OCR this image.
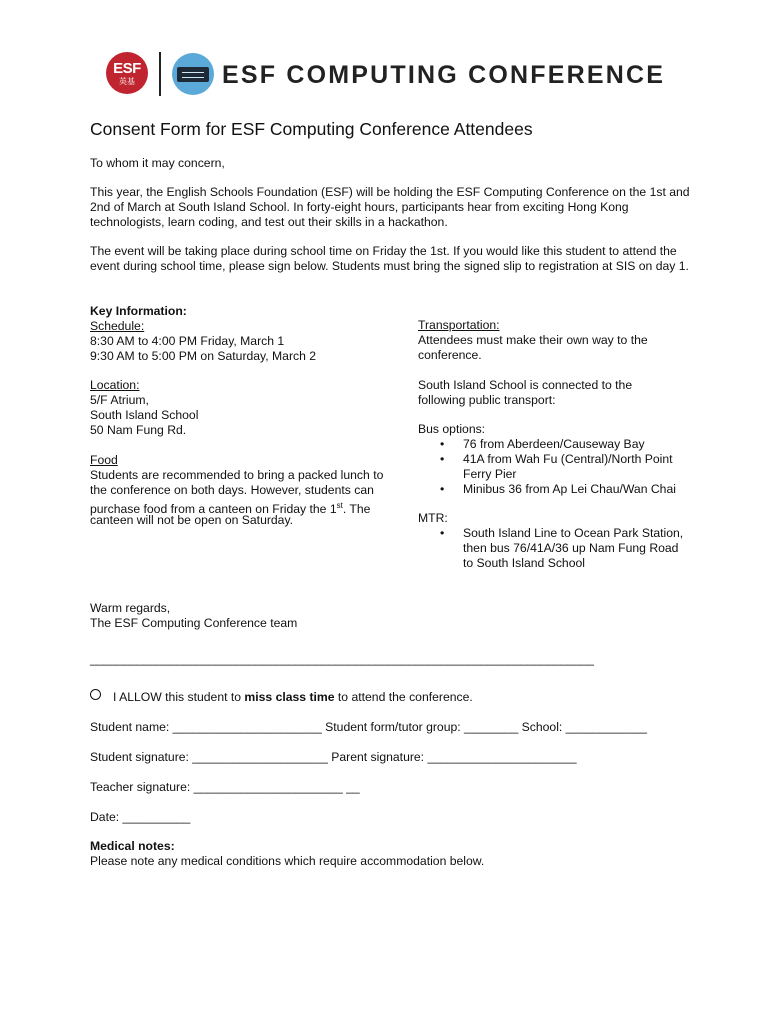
ESF
英基	ESF COMPUTING CONFERENCE
Consent Form for ESF Computing Conference Attendees
To whom it may concern,
This year, the English Schools Foundation (ESF) will be holding the ESF Computing Conference on the 1st and 2nd of March at South Island School. In forty-eight hours, participants hear from exciting Hong Kong technologists, learn coding, and test out their skills in a hackathon.
The event will be taking place during school time on Friday the 1st. If you would like this student to attend the event during school time, please sign below. Students must bring the signed slip to registration at SIS on day 1.
Key Information:
Schedule:
8:30 AM to 4:00 PM Friday, March 1
9:30 AM to 5:00 PM on Saturday, March 2
Location:
5/F Atrium,
South Island School
50 Nam Fung Rd.
Food
Students are recommended to bring a packed lunch to
the conference on both days. However, students can
purchase food from a canteen on Friday the 1st. The
canteen will not be open on Saturday.
Transportation:
Attendees must make their own way to the
conference.
South Island School is connected to the
following public transport:
Bus options:
• 76 from Aberdeen/Causeway Bay
• 41A from Wah Fu (Central)/North Point
Ferry Pier
• Minibus 36 from Ap Lei Chau/Wan Chai
MTR:
• South Island Line to Ocean Park Station,
then bus 76/41A/36 up Nam Fung Road
to South Island School
Warm regards,
The ESF Computing Conference team
____________________________________________________________________________
I ALLOW this student to miss class time to attend the conference.
Student name: ______________________ Student form/tutor group: ________ School: ____________
Student signature: ____________________ Parent signature: ______________________
Teacher signature: ______________________ __
Date: __________
Medical notes:
Please note any medical conditions which require accommodation below.
